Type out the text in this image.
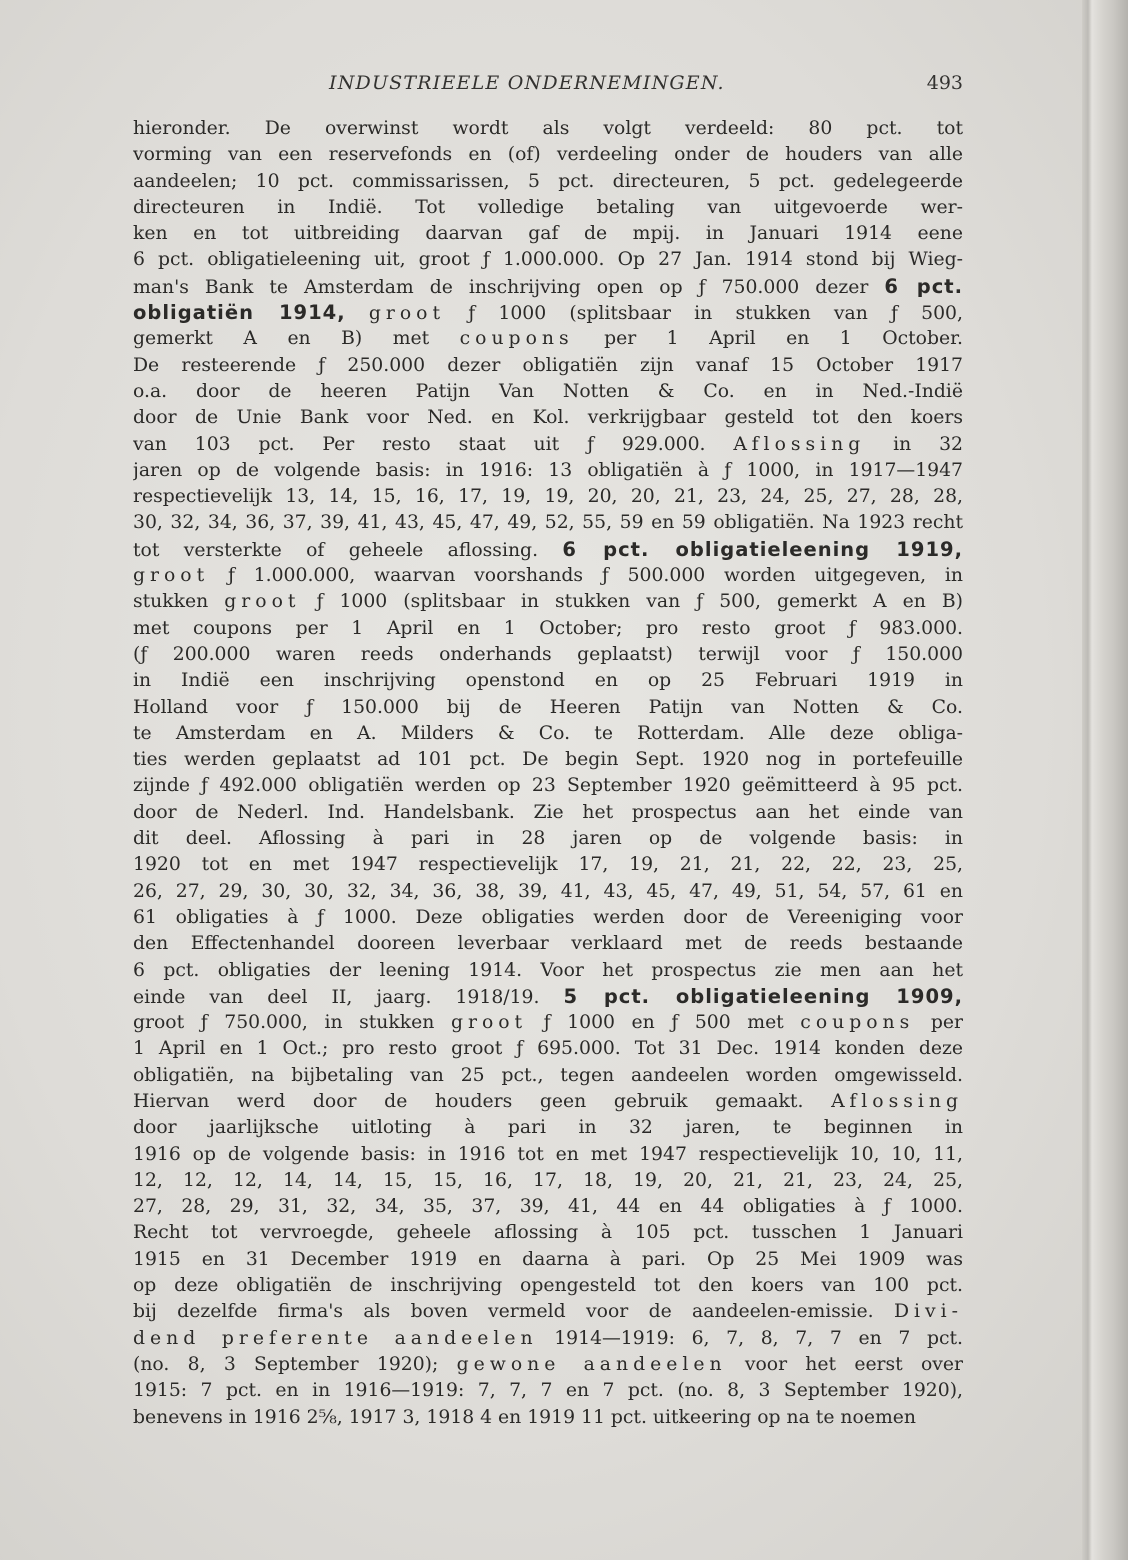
INDUSTRIEELE ONDERNEMINGEN.	493
hieronder. De overwinst wordt als volgt verdeeld: 80 pct. tot
vorming van een reservefonds en (of) verdeeling onder de houders van alle
aandeelen; 10 pct. commissarissen, 5 pct. directeuren, 5 pct. gedelegeerde
directeuren in Indië. Tot volledige betaling van uitgevoerde wer-
ken en tot uitbreiding daarvan gaf de mpij. in Januari 1914 eene
6 pct. obligatieleening uit, groot ƒ 1.000.000. Op 27 Jan. 1914 stond bij Wieg-
man's Bank te Amsterdam de inschrijving open op ƒ 750.000 dezer 6 pct.
obligatiën 1914, groot ƒ 1000 (splitsbaar in stukken van ƒ 500,
gemerkt A en B) met coupons per 1 April en 1 October.
De resteerende ƒ 250.000 dezer obligatiën zijn vanaf 15 October 1917
o.a. door de heeren Patijn Van Notten & Co. en in Ned.-Indië
door de Unie Bank voor Ned. en Kol. verkrijgbaar gesteld tot den koers
van 103 pct. Per resto staat uit ƒ 929.000. Aflossing in 32
jaren op de volgende basis: in 1916: 13 obligatiën à ƒ 1000, in 1917—1947
respectievelijk 13, 14, 15, 16, 17, 19, 19, 20, 20, 21, 23, 24, 25, 27, 28, 28,
30, 32, 34, 36, 37, 39, 41, 43, 45, 47, 49, 52, 55, 59 en 59 obligatiën. Na 1923 recht
tot versterkte of geheele aflossing. 6 pct. obligatieleening 1919,
groot ƒ 1.000.000, waarvan voorshands ƒ 500.000 worden uitgegeven, in
stukken groot ƒ 1000 (splitsbaar in stukken van ƒ 500, gemerkt A en B)
met coupons per 1 April en 1 October; pro resto groot ƒ 983.000.
(ƒ 200.000 waren reeds onderhands geplaatst) terwijl voor ƒ 150.000
in Indië een inschrijving openstond en op 25 Februari 1919 in
Holland voor ƒ 150.000 bij de Heeren Patijn van Notten & Co.
te Amsterdam en A. Milders & Co. te Rotterdam. Alle deze obliga-
ties werden geplaatst ad 101 pct. De begin Sept. 1920 nog in portefeuille
zijnde ƒ 492.000 obligatiën werden op 23 September 1920 geëmitteerd à 95 pct.
door de Nederl. Ind. Handelsbank. Zie het prospectus aan het einde van
dit deel. Aflossing à pari in 28 jaren op de volgende basis: in
1920 tot en met 1947 respectievelijk 17, 19, 21, 21, 22, 22, 23, 25,
26, 27, 29, 30, 30, 32, 34, 36, 38, 39, 41, 43, 45, 47, 49, 51, 54, 57, 61 en
61 obligaties à ƒ 1000. Deze obligaties werden door de Vereeniging voor
den Effectenhandel dooreen leverbaar verklaard met de reeds bestaande
6 pct. obligaties der leening 1914. Voor het prospectus zie men aan het
einde van deel II, jaarg. 1918/19. 5 pct. obligatieleening 1909,
groot ƒ 750.000, in stukken groot ƒ 1000 en ƒ 500 met coupons per
1 April en 1 Oct.; pro resto groot ƒ 695.000. Tot 31 Dec. 1914 konden deze
obligatiën, na bijbetaling van 25 pct., tegen aandeelen worden omgewisseld.
Hiervan werd door de houders geen gebruik gemaakt. Aflossing
door jaarlijksche uitloting à pari in 32 jaren, te beginnen in
1916 op de volgende basis: in 1916 tot en met 1947 respectievelijk 10, 10, 11,
12, 12, 12, 14, 14, 15, 15, 16, 17, 18, 19, 20, 21, 21, 23, 24, 25,
27, 28, 29, 31, 32, 34, 35, 37, 39, 41, 44 en 44 obligaties à ƒ 1000.
Recht tot vervroegde, geheele aflossing à 105 pct. tusschen 1 Januari
1915 en 31 December 1919 en daarna à pari. Op 25 Mei 1909 was
op deze obligatiën de inschrijving opengesteld tot den koers van 100 pct.
bij dezelfde firma's als boven vermeld voor de aandeelen-emissie. Divi-
dend preferente aandeelen 1914—1919: 6, 7, 8, 7, 7 en 7 pct.
(no. 8, 3 September 1920); gewone aandeelen voor het eerst over
1915: 7 pct. en in 1916—1919: 7, 7, 7 en 7 pct. (no. 8, 3 September 1920),
benevens in 1916 2⅝, 1917 3, 1918 4 en 1919 11 pct. uitkeering op na te noemen
